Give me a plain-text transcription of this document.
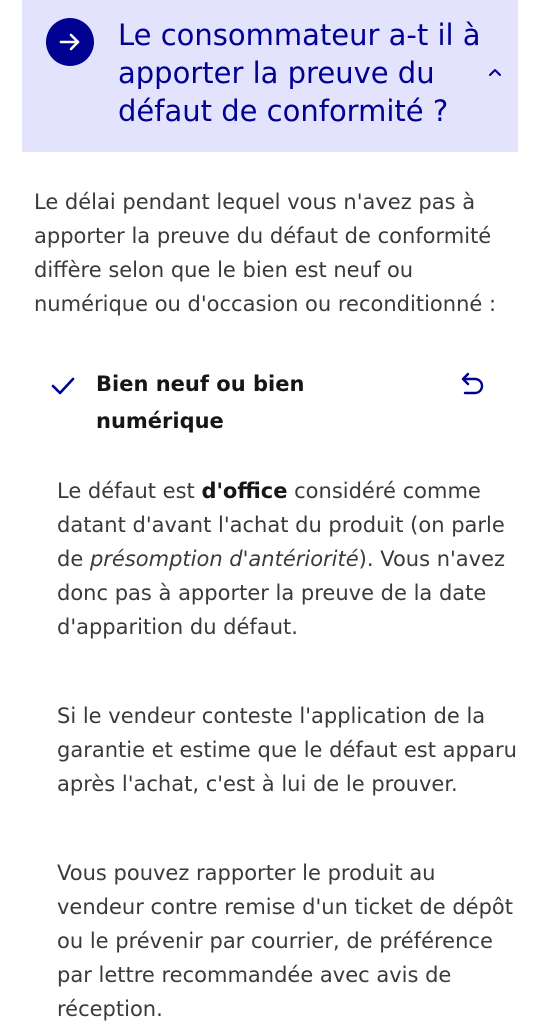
Le consommateur a-t il à apporter la preuve du défaut de conformité ?

Le délai pendant lequel vous n'avez pas à apporter la preuve du défaut de conformité diffère selon que le bien est neuf ou numérique ou d'occasion ou reconditionné :

Bien neuf ou bien numérique

Le défaut est d'office considéré comme datant d'avant l'achat du produit (on parle de présomption d'antériorité). Vous n'avez donc pas à apporter la preuve de la date d'apparition du défaut.

Si le vendeur conteste l'application de la garantie et estime que le défaut est apparu après l'achat, c'est à lui de le prouver.

Vous pouvez rapporter le produit au vendeur contre remise d'un ticket de dépôt ou le prévenir par courrier, de préférence par lettre recommandée avec avis de réception.
